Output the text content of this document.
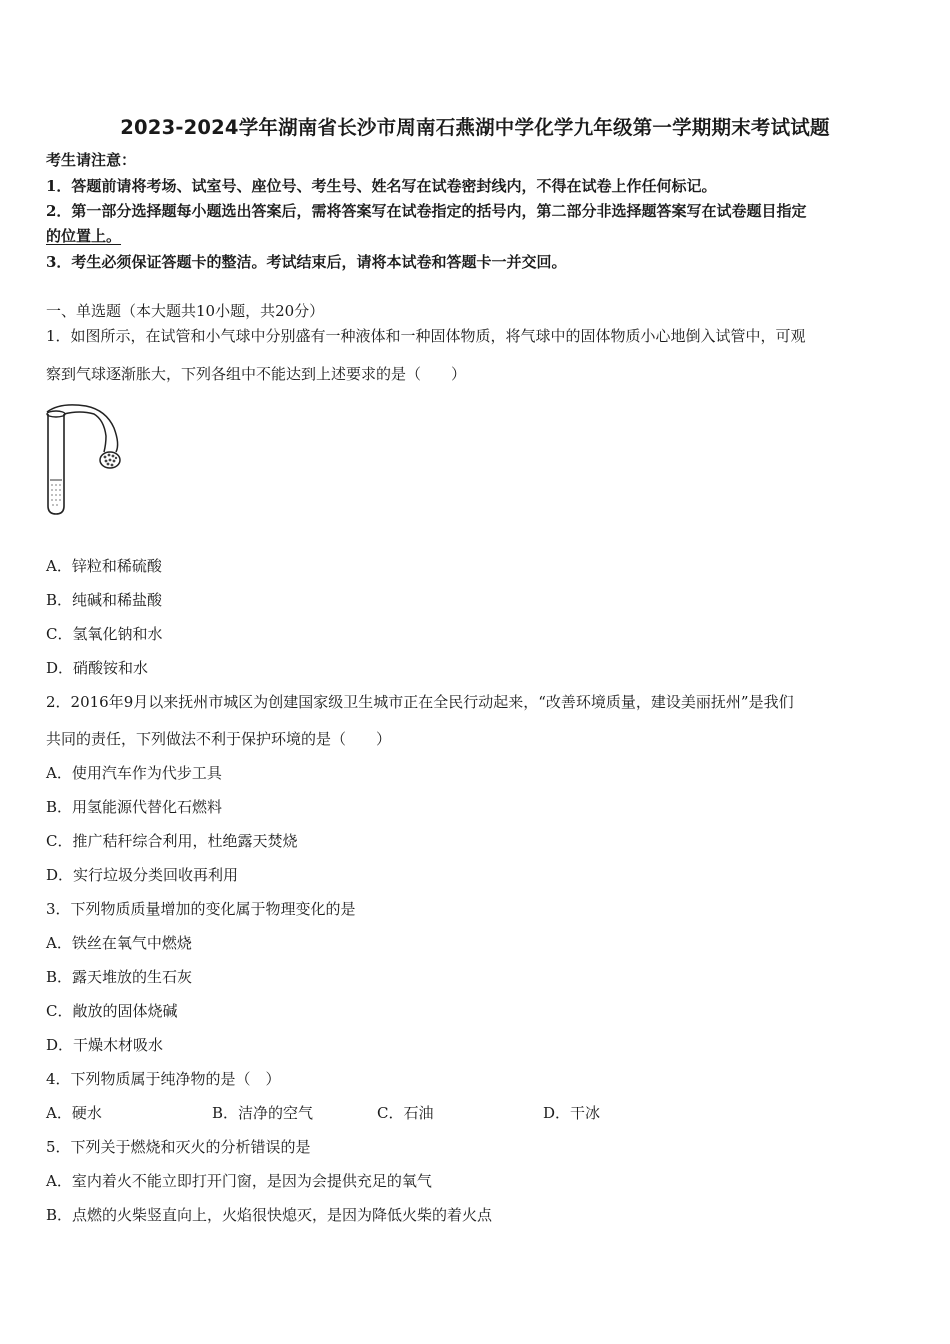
2023-2024学年湖南省长沙市周南石燕湖中学化学九年级第一学期期末考试试题
考生请注意：
1．答题前请将考场、试室号、座位号、考生号、姓名写在试卷密封线内，不得在试卷上作任何标记。
2．第一部分选择题每小题选出答案后，需将答案写在试卷指定的括号内，第二部分非选择题答案写在试卷题目指定
的位置上。
3．考生必须保证答题卡的整洁。考试结束后，请将本试卷和答题卡一并交回。
一、单选题（本大题共10小题，共20分）
1．如图所示，在试管和小气球中分别盛有一种液体和一种固体物质，将气球中的固体物质小心地倒入试管中，可观
察到气球逐渐胀大，下列各组中不能达到上述要求的是（　　）
A．锌粒和稀硫酸
B．纯碱和稀盐酸
C．氢氧化钠和水
D．硝酸铵和水
2．2016年9月以来抚州市城区为创建国家级卫生城市正在全民行动起来，“改善环境质量，建设美丽抚州”是我们
共同的责任，下列做法不利于保护环境的是（　　）
A．使用汽车作为代步工具
B．用氢能源代替化石燃料
C．推广秸秆综合利用，杜绝露天焚烧
D．实行垃圾分类回收再利用
3．下列物质质量增加的变化属于物理变化的是
A．铁丝在氧气中燃烧
B．露天堆放的生石灰
C．敞放的固体烧碱
D．干燥木材吸水
4．下列物质属于纯净物的是（　）
A．硬水	B．洁净的空气	C．石油	D．干冰
5．下列关于燃烧和灭火的分析错误的是
A．室内着火不能立即打开门窗，是因为会提供充足的氧气
B．点燃的火柴竖直向上，火焰很快熄灭，是因为降低火柴的着火点
